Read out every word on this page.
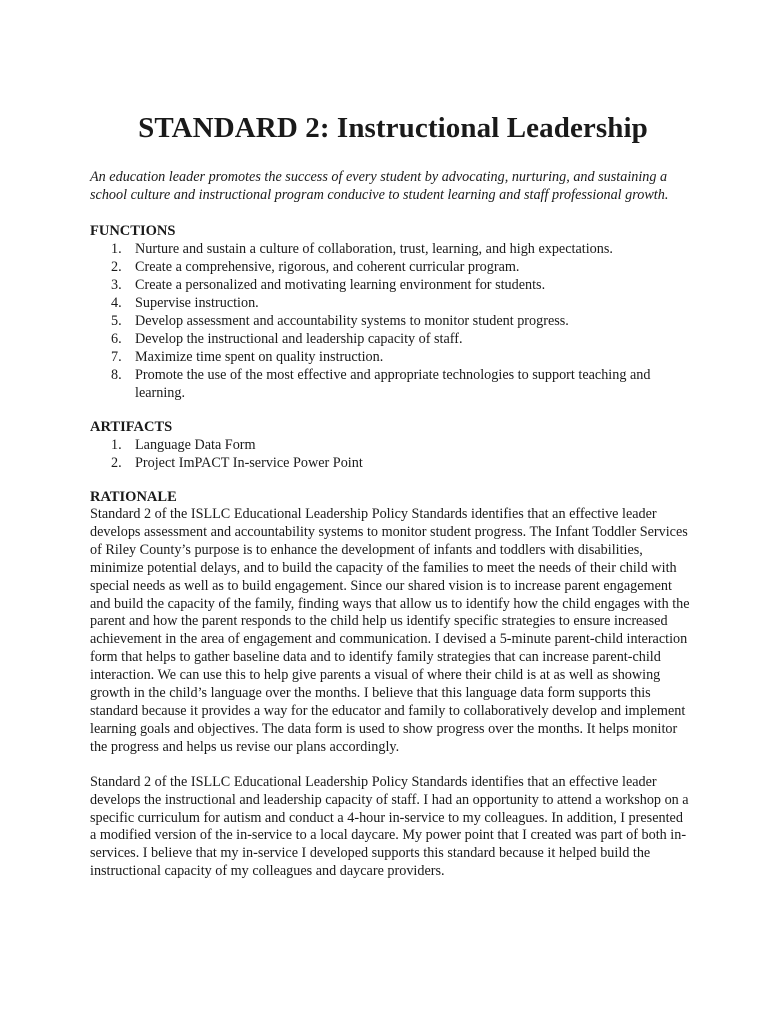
STANDARD 2: Instructional Leadership

An education leader promotes the success of every student by advocating, nurturing, and sustaining a school culture and instructional program conducive to student learning and staff professional growth.

FUNCTIONS
1. Nurture and sustain a culture of collaboration, trust, learning, and high expectations.
2. Create a comprehensive, rigorous, and coherent curricular program.
3. Create a personalized and motivating learning environment for students.
4. Supervise instruction.
5. Develop assessment and accountability systems to monitor student progress.
6. Develop the instructional and leadership capacity of staff.
7. Maximize time spent on quality instruction.
8. Promote the use of the most effective and appropriate technologies to support teaching and learning.
ARTIFACTS
1. Language Data Form
2. Project ImPACT In-service Power Point
RATIONALE

Standard 2 of the ISLLC Educational Leadership Policy Standards identifies that an effective leader develops assessment and accountability systems to monitor student progress. The Infant Toddler Services of Riley County’s purpose is to enhance the development of infants and toddlers with disabilities, minimize potential delays, and to build the capacity of the families to meet the needs of their child with special needs as well as to build engagement. Since our shared vision is to increase parent engagement and build the capacity of the family, finding ways that allow us to identify how the child engages with the parent and how the parent responds to the child help us identify specific strategies to ensure increased achievement in the area of engagement and communication. I devised a 5-minute parent-child interaction form that helps to gather baseline data and to identify family strategies that can increase parent-child interaction. We can use this to help give parents a visual of where their child is at as well as showing growth in the child’s language over the months. I believe that this language data form supports this standard because it provides a way for the educator and family to collaboratively develop and implement learning goals and objectives. The data form is used to show progress over the months. It helps monitor the progress and helps us revise our plans accordingly.

Standard 2 of the ISLLC Educational Leadership Policy Standards identifies that an effective leader develops the instructional and leadership capacity of staff. I had an opportunity to attend a workshop on a specific curriculum for autism and conduct a 4-hour in-service to my colleagues. In addition, I presented a modified version of the in-service to a local daycare. My power point that I created was part of both in-services. I believe that my in-service I developed supports this standard because it helped build the instructional capacity of my colleagues and daycare providers.
